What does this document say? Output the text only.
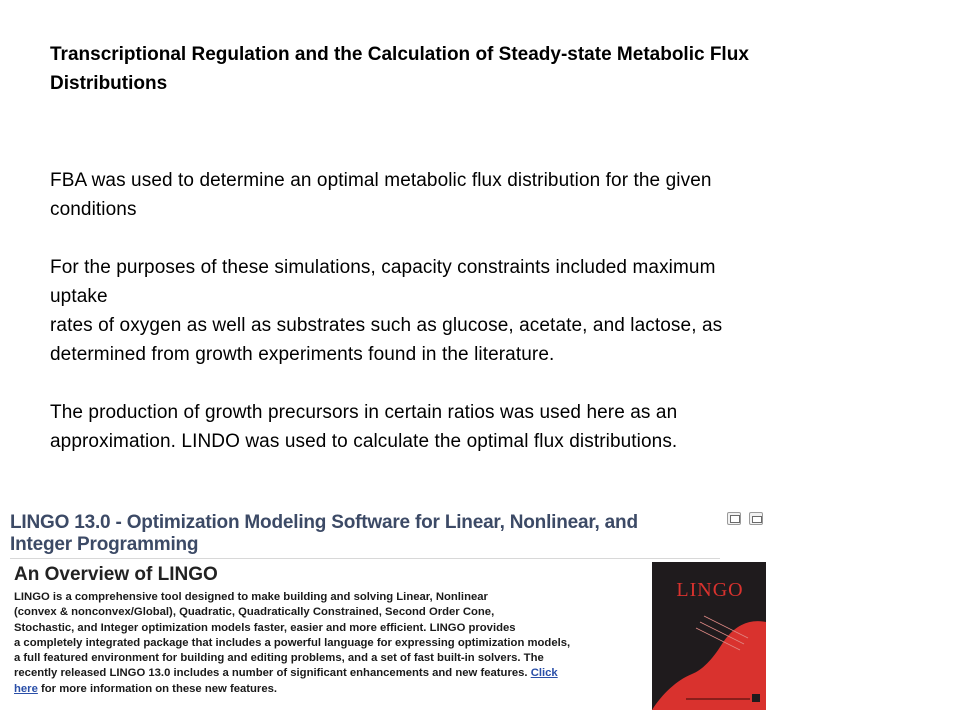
Transcriptional Regulation and the Calculation of Steady-state Metabolic Flux
Distributions

FBA was used to determine an optimal metabolic flux distribution for the given
conditions

For the purposes of these simulations, capacity constraints included maximum
uptake
rates of oxygen as well as substrates such as glucose, acetate, and lactose, as
determined from growth experiments found in the literature.

The production of growth precursors in certain ratios was used here as an
approximation. LINDO was used to calculate the optimal flux distributions.

LINGO 13.0 - Optimization Modeling Software for Linear, Nonlinear, and
Integer Programming
An Overview of LINGO
LINGO is a comprehensive tool designed to make building and solving Linear, Nonlinear
(convex & nonconvex/Global), Quadratic, Quadratically Constrained, Second Order Cone,
Stochastic, and Integer optimization models faster, easier and more efficient. LINGO provides
a completely integrated package that includes a powerful language for expressing optimization models,
a full featured environment for building and editing problems, and a set of fast built-in solvers. The
recently released LINGO 13.0 includes a number of significant enhancements and new features. Click
here for more information on these new features.
LINGO
